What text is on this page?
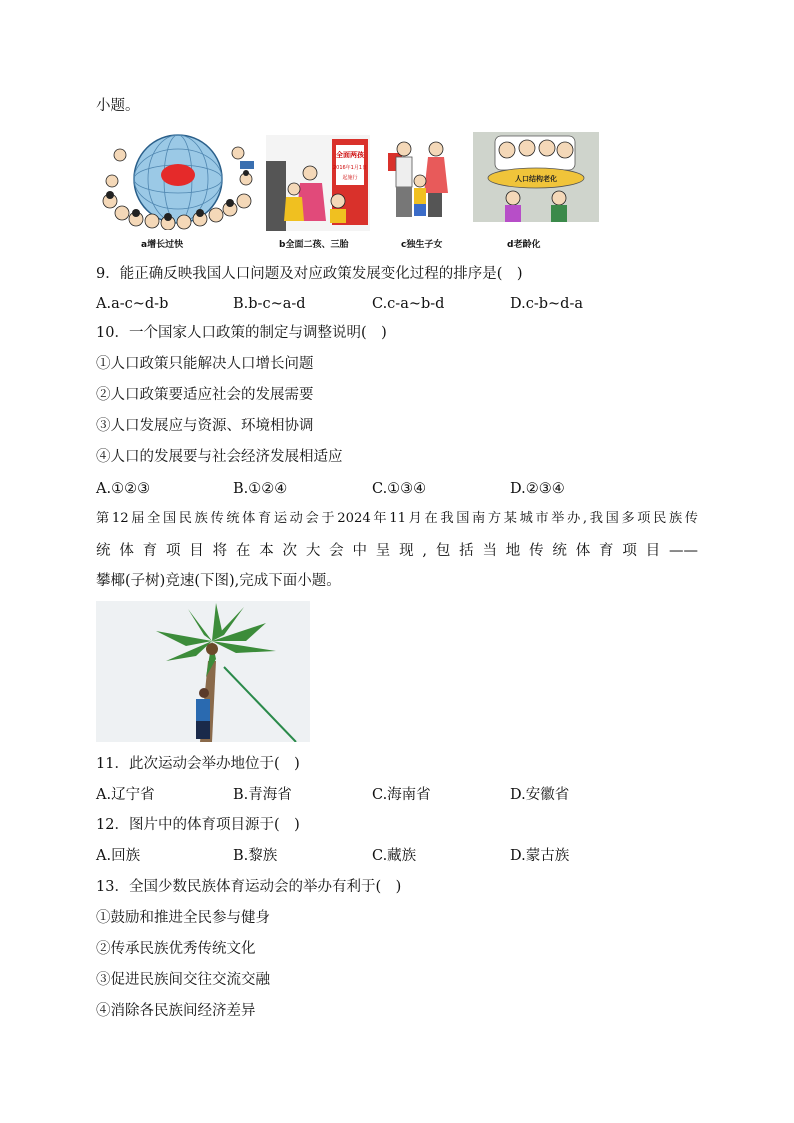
小题。
a增长过快
全面两孩
2016年1月1日
起施行
b全面二孩、三胎	c独生子女
人口结构老化
d老龄化
9．能正确反映我国人口问题及对应政策发展变化过程的排序是(　)
A.a-c~d-b	B.b-c~a-d	C.c-a~b-d	D.c-b~d-a
10．一个国家人口政策的制定与调整说明(　)
①人口政策只能解决人口增长问题
②人口政策要适应社会的发展需要
③人口发展应与资源、环境相协调
④人口的发展要与社会经济发展相适应
A.①②③	B.①②④	C.①③④	D.②③④
第12届全国民族传统体育运动会于2024年11月在我国南方某城市举办,我国多项民族传
统体育项目将在本次大会中呈现,包括当地传统体育项目——
攀椰(子树)竞速(下图),完成下面小题。
11．此次运动会举办地位于(　)
A.辽宁省	B.青海省	C.海南省	D.安徽省
12．图片中的体育项目源于(　)
A.回族	B.黎族	C.藏族	D.蒙古族
13．全国少数民族体育运动会的举办有利于(　)
①鼓励和推进全民参与健身
②传承民族优秀传统文化
③促进民族间交往交流交融
④消除各民族间经济差异
